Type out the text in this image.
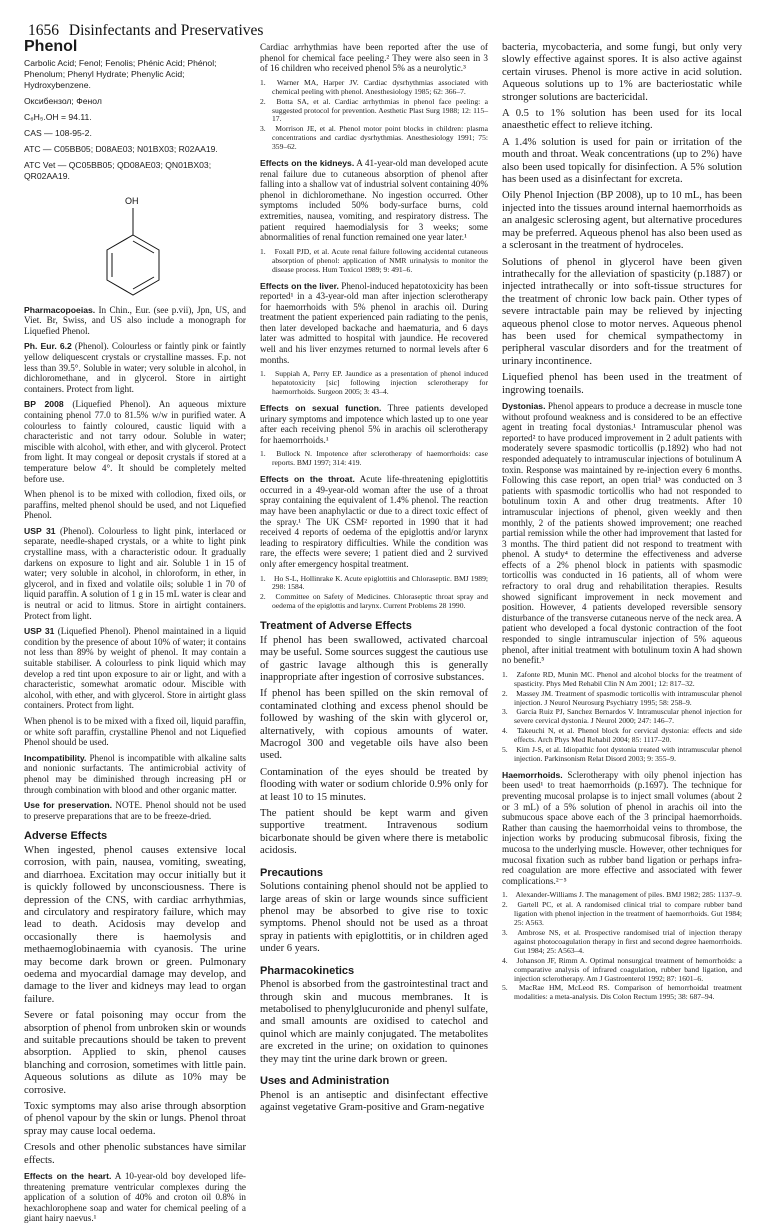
1656 Disinfectants and Preservatives
Phenol

Carbolic Acid; Fenol; Fenolis; Phénic Acid; Phénol; Phenolum; Phenyl Hydrate; Phenylic Acid; Hydroxybenzene.

Оксибензол; Фенол

C₆H₅.OH = 94.11.

CAS — 108-95-2.

ATC — C05BB05; D08AE03; N01BX03; R02AA19.

ATC Vet — QC05BB05; QD08AE03; QN01BX03; QR02AA19.

OH

Pharmacopoeias. In Chin., Eur. (see p.vii), Jpn, US, and Viet. Br, Swiss, and US also include a monograph for Liquefied Phenol.

Ph. Eur. 6.2 (Phenol). Colourless or faintly pink or faintly yellow deliquescent crystals or crystalline masses. F.p. not less than 39.5°. Soluble in water; very soluble in alcohol, in dichloromethane, and in glycerol. Store in airtight containers. Protect from light.

BP 2008 (Liquefied Phenol). An aqueous mixture containing phenol 77.0 to 81.5% w/w in purified water. A colourless to faintly coloured, caustic liquid with a characteristic and not tarry odour. Soluble in water; miscible with alcohol, with ether, and with glycerol. Protect from light. It may congeal or deposit crystals if stored at a temperature below 4°. It should be completely melted before use.

When phenol is to be mixed with collodion, fixed oils, or paraffins, melted phenol should be used, and not Liquefied Phenol.

USP 31 (Phenol). Colourless to light pink, interlaced or separate, needle-shaped crystals, or a white to light pink crystalline mass, with a characteristic odour. It gradually darkens on exposure to light and air. Soluble 1 in 15 of water; very soluble in alcohol, in chloroform, in ether, in glycerol, and in fixed and volatile oils; soluble 1 in 70 of liquid paraffin. A solution of 1 g in 15 mL water is clear and is neutral or acid to litmus. Store in airtight containers. Protect from light.

USP 31 (Liquefied Phenol). Phenol maintained in a liquid condition by the presence of about 10% of water; it contains not less than 89% by weight of phenol. It may contain a suitable stabiliser. A colourless to pink liquid which may develop a red tint upon exposure to air or light, and with a characteristic, somewhat aromatic odour. Miscible with alcohol, with ether, and with glycerol. Store in airtight glass containers. Protect from light.

When phenol is to be mixed with a fixed oil, liquid paraffin, or white soft paraffin, crystalline Phenol and not Liquefied Phenol should be used.

Incompatibility. Phenol is incompatible with alkaline salts and nonionic surfactants. The antimicrobial activity of phenol may be diminished through increasing pH or through combination with blood and other organic matter.

Use for preservation. NOTE. Phenol should not be used to preserve preparations that are to be freeze-dried.

Adverse Effects

When ingested, phenol causes extensive local corrosion, with pain, nausea, vomiting, sweating, and diarrhoea. Excitation may occur initially but it is quickly followed by unconsciousness. There is depression of the CNS, with cardiac arrhythmias, and circulatory and respiratory failure, which may lead to death. Acidosis may develop and occasionally there is haemolysis and methaemoglobinaemia with cyanosis. The urine may become dark brown or green. Pulmonary oedema and myocardial damage may develop, and damage to the liver and kidneys may lead to organ failure.

Severe or fatal poisoning may occur from the absorption of phenol from unbroken skin or wounds and suitable precautions should be taken to prevent absorption. Applied to skin, phenol causes blanching and corrosion, sometimes with little pain. Aqueous solutions as dilute as 10% may be corrosive.

Toxic symptoms may also arise through absorption of phenol vapour by the skin or lungs. Phenol throat spray may cause local oedema.

Cresols and other phenolic substances have similar effects.

Effects on the heart. A 10-year-old boy developed life-threatening premature ventricular complexes during the application of a solution of 40% and croton oil 0.8% in hexachlorophene soap and water for chemical peeling of a giant hairy naevus.¹

Cardiac arrhythmias have been reported after the use of phenol for chemical face peeling.² They were also seen in 3 of 16 children who received phenol 5% as a neurolytic.³

1. Warner MA, Harper JV. Cardiac dysrhythmias associated with chemical peeling with phenol. Anesthesiology 1985; 62: 366–7.
2. Botta SA, et al. Cardiac arrhythmias in phenol face peeling: a suggested protocol for prevention. Aesthetic Plast Surg 1988; 12: 115–17.
3. Morrison JE, et al. Phenol motor point blocks in children: plasma concentrations and cardiac dysrhythmias. Anesthesiology 1991; 75: 359–62.

Effects on the kidneys. A 41-year-old man developed acute renal failure due to cutaneous absorption of phenol after falling into a shallow vat of industrial solvent containing 40% phenol in dichloromethane. No ingestion occurred. Other symptoms included 50% body-surface burns, cold extremities, nausea, vomiting, and respiratory distress. The patient required haemodialysis for 3 weeks; some abnormalities of renal function remained one year later.¹

1. Foxall PJD, et al. Acute renal failure following accidental cutaneous absorption of phenol: application of NMR urinalysis to monitor the disease process. Hum Toxicol 1989; 9: 491–6.

Effects on the liver. Phenol-induced hepatotoxicity has been reported¹ in a 43-year-old man after injection sclerotherapy for haemorrhoids with 5% phenol in arachis oil. During treatment the patient experienced pain radiating to the penis, then later developed backache and haematuria, and 6 days later was admitted to hospital with jaundice. He recovered well and his liver enzymes returned to normal levels after 6 months.

1. Suppiah A, Perry EP. Jaundice as a presentation of phenol induced hepatotoxicity [sic] following injection sclerotherapy for haemorrhoids. Surgeon 2005; 3: 43–4.

Effects on sexual function. Three patients developed urinary symptoms and impotence which lasted up to one year after each receiving phenol 5% in arachis oil sclerotherapy for haemorrhoids.¹

1. Bullock N. Impotence after sclerotherapy of haemorrhoids: case reports. BMJ 1997; 314: 419.

Effects on the throat. Acute life-threatening epiglottitis occurred in a 49-year-old woman after the use of a throat spray containing the equivalent of 1.4% phenol. The reaction may have been anaphylactic or due to a direct toxic effect of the spray.¹ The UK CSM² reported in 1990 that it had received 4 reports of oedema of the epiglottis and/or larynx leading to respiratory difficulties. While the condition was rare, the effects were severe; 1 patient died and 2 survived only after emergency hospital treatment.

1. Ho S-L, Hollinrake K. Acute epiglottitis and Chloraseptic. BMJ 1989; 298: 1584.
2. Committee on Safety of Medicines. Chloraseptic throat spray and oedema of the epiglottis and larynx. Current Problems 28 1990.
Treatment of Adverse Effects

If phenol has been swallowed, activated charcoal may be useful. Some sources suggest the cautious use of gastric lavage although this is generally inappropriate after ingestion of corrosive substances.

If phenol has been spilled on the skin removal of contaminated clothing and excess phenol should be followed by washing of the skin with glycerol or, alternatively, with copious amounts of water. Macrogol 300 and vegetable oils have also been used.

Contamination of the eyes should be treated by flooding with water or sodium chloride 0.9% only for at least 10 to 15 minutes.

The patient should be kept warm and given supportive treatment. Intravenous sodium bicarbonate should be given where there is metabolic acidosis.

Precautions

Solutions containing phenol should not be applied to large areas of skin or large wounds since sufficient phenol may be absorbed to give rise to toxic symptoms. Phenol should not be used as a throat spray in patients with epiglottitis, or in children aged under 6 years.

Pharmacokinetics

Phenol is absorbed from the gastrointestinal tract and through skin and mucous membranes. It is metabolised to phenylglucuronide and phenyl sulfate, and small amounts are oxidised to catechol and quinol which are mainly conjugated. The metabolites are excreted in the urine; on oxidation to quinones they may tint the urine dark brown or green.

Uses and Administration

Phenol is an antiseptic and disinfectant effective against vegetative Gram-positive and Gram-negative

bacteria, mycobacteria, and some fungi, but only very slowly effective against spores. It is also active against certain viruses. Phenol is more active in acid solution. Aqueous solutions up to 1% are bacteriostatic while stronger solutions are bactericidal.

A 0.5 to 1% solution has been used for its local anaesthetic effect to relieve itching.

A 1.4% solution is used for pain or irritation of the mouth and throat. Weak concentrations (up to 2%) have also been used topically for disinfection. A 5% solution has been used as a disinfectant for excreta.

Oily Phenol Injection (BP 2008), up to 10 mL, has been injected into the tissues around internal haemorrhoids as an analgesic sclerosing agent, but alternative procedures may be preferred. Aqueous phenol has also been used as a sclerosant in the treatment of hydroceles.

Solutions of phenol in glycerol have been given intrathecally for the alleviation of spasticity (p.1887) or injected intrathecally or into soft-tissue structures for the treatment of chronic low back pain. Other types of severe intractable pain may be relieved by injecting aqueous phenol close to motor nerves. Aqueous phenol has been used for chemical sympathectomy in peripheral vascular disorders and for the treatment of urinary incontinence.

Liquefied phenol has been used in the treatment of ingrowing toenails.

Dystonias. Phenol appears to produce a decrease in muscle tone without profound weakness and is considered to be an effective agent in treating focal dystonias.¹ Intramuscular phenol was reported² to have produced improvement in 2 adult patients with moderately severe spasmodic torticollis (p.1892) who had not responded adequately to intramuscular injections of botulinum A toxin. Response was maintained by re-injection every 6 months. Following this case report, an open trial³ was conducted on 3 patients with spasmodic torticollis who had not responded to botulinum toxin A and other drug treatments. After 10 intramuscular injections of phenol, given weekly and then monthly, 2 of the patients showed improvement; one reached partial remission while the other had improvement that lasted for 3 months. The third patient did not respond to treatment with phenol. A study⁴ to determine the effectiveness and adverse effects of a 2% phenol block in patients with spasmodic torticollis was conducted in 16 patients, all of whom were refractory to oral drug and rehabilitation therapies. Results showed significant improvement in neck movement and position. However, 4 patients developed reversible sensory disturbance of the transverse cutaneous nerve of the neck area. A patient who developed a focal dystonic contraction of the foot responded to single intramuscular injection of 5% aqueous phenol, after initial treatment with botulinum toxin A had shown no benefit.⁵

1. Zafonte RD, Munin MC. Phenol and alcohol blocks for the treatment of spasticity. Phys Med Rehabil Clin N Am 2001; 12: 817–32.
2. Massey JM. Treatment of spasmodic torticollis with intramuscular phenol injection. J Neurol Neurosurg Psychiatry 1995; 58: 258–9.
3. García Ruiz PJ, Sanchez Bernardos V. Intramuscular phenol injection for severe cervical dystonia. J Neurol 2000; 247: 146–7.
4. Takeuchi N, et al. Phenol block for cervical dystonia: effects and side effects. Arch Phys Med Rehabil 2004; 85: 1117–20.
5. Kim J-S, et al. Idiopathic foot dystonia treated with intramuscular phenol injection. Parkinsonism Relat Disord 2003; 9: 355–9.

Haemorrhoids. Sclerotherapy with oily phenol injection has been used¹ to treat haemorrhoids (p.1697). The technique for preventing mucosal prolapse is to inject small volumes (about 2 or 3 mL) of a 5% solution of phenol in arachis oil into the submucous space above each of the 3 principal haemorrhoids. Rather than causing the haemorrhoidal veins to thrombose, the injection works by producing submucosal fibrosis, fixing the mucosa to the underlying muscle. However, other techniques for mucosal fixation such as rubber band ligation or perhaps infra-red coagulation are more effective and associated with fewer complications.²⁻⁵

1. Alexander-Williams J. The management of piles. BMJ 1982; 285: 1137–9.
2. Gartell PC, et al. A randomised clinical trial to compare rubber band ligation with phenol injection in the treatment of haemorrhoids. Gut 1984; 25: A563.
3. Ambrose NS, et al. Prospective randomised trial of injection therapy against photocoagulation therapy in first and second degree haemorrhoids. Gut 1984; 25: A563–4.
4. Johanson JF, Rimm A. Optimal nonsurgical treatment of hemorrhoids: a comparative analysis of infrared coagulation, rubber band ligation, and injection sclerotherapy. Am J Gastroenterol 1992; 87: 1601–6.
5. MacRae HM, McLeod RS. Comparison of hemorrhoidal treatment modalities: a meta-analysis. Dis Colon Rectum 1995; 38: 687–94.
